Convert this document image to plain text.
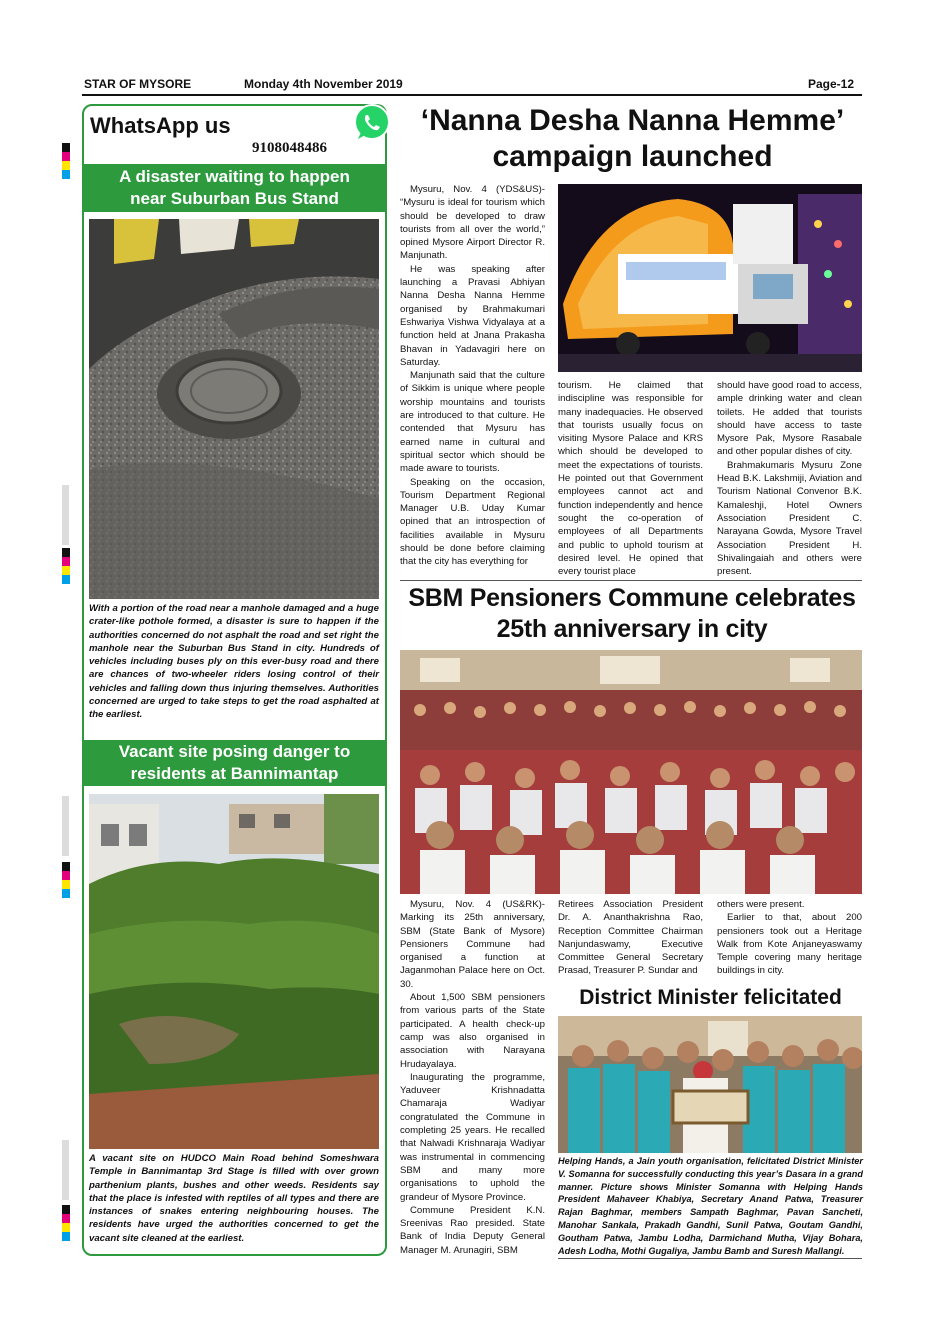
STAR OF MYSORE	Monday 4th November 2019	Page-12
WhatsApp us
9108048486
A disaster waiting to happen
near Suburban Bus Stand
With a portion of the road near a manhole damaged and a huge crater-like pothole formed, a disaster is sure to happen if the authorities concerned do not asphalt the road and set right the manhole near the Suburban Bus Stand in city. Hundreds of vehicles including buses ply on this ever-busy road and there are chances of two-wheeler riders losing control of their vehicles and falling down thus injuring themselves. Authorities concerned are urged to take steps to get the road asphalted at the earliest.
Vacant site posing danger to
residents at Bannimantap
A vacant site on HUDCO Main Road behind Someshwara Temple in Bannimantap 3rd Stage is filled with over grown parthenium plants, bushes and other weeds. Residents say that the place is infested with reptiles of all types and there are instances of snakes entering neighbouring houses. The residents have urged the authorities concerned to get the vacant site cleaned at the earliest.
‘Nanna Desha Nanna Hemme’
campaign launched

Mysuru, Nov. 4 (YDS&US)- “Mysuru is ideal for tourism which should be developed to draw tourists from all over the world,” opined Mysore Airport Director R. Manjunath.

He was speaking after launching a Pravasi Abhiyan Nanna Desha Nanna Hemme organised by Brahmakumari Eshwariya Vishwa Vidyalaya at a function held at Jnana Prakasha Bhavan in Yadavagiri here on Saturday.

Manjunath said that the culture of Sikkim is unique where people worship mountains and tourists are introduced to that culture. He contended that Mysuru has earned name in cultural and spiritual sector which should be made aware to tourists.

Speaking on the occasion, Tourism Department Regional Manager U.B. Uday Kumar opined that an introspection of facilities available in Mysuru should be done before claiming that the city has everything for

tourism. He claimed that indiscipline was responsible for many inadequacies. He observed that tourists usually focus on visiting Mysore Palace and KRS which should be developed to meet the expectations of tourists. He pointed out that Government employees cannot act and function independently and hence sought the co-operation of employees of all Departments and public to uphold tourism at desired level. He opined that every tourist place

should have good road to access, ample drinking water and clean toilets. He added that tourists should have access to taste Mysore Pak, Mysore Rasabale and other popular dishes of city.

Brahmakumaris Mysuru Zone Head B.K. Lakshmiji, Aviation and Tourism National Convenor B.K. Kamaleshji, Hotel Owners Association President C. Narayana Gowda, Mysore Travel Association President H. Shivalingaiah and others were present.

SBM Pensioners Commune celebrates
25th anniversary in city

Mysuru, Nov. 4 (US&RK)- Marking its 25th anniversary, SBM (State Bank of Mysore) Pensioners Commune had organised a function at Jaganmohan Palace here on Oct. 30.

About 1,500 SBM pensioners from various parts of the State participated. A health check-up camp was also organised in association with Narayana Hrudayalaya.

Inaugurating the programme, Yaduveer Krishnadatta Chamaraja Wadiyar congratulated the Commune in completing 25 years. He recalled that Nalwadi Krishnaraja Wadiyar was instrumental in commencing SBM and many more organisations to uphold the grandeur of Mysore Province.

Commune President K.N. Sreenivas Rao presided. State Bank of India Deputy General Manager M. Arunagiri, SBM

Retirees Association President Dr. A. Ananthakrishna Rao, Reception Committee Chairman Nanjundaswamy, Executive Committee General Secretary Prasad, Treasurer P. Sundar and

others were present.

Earlier to that, about 200 pensioners took out a Heritage Walk from Kote Anjaneyaswamy Temple covering many heritage buildings in city.

District Minister felicitated
Helping Hands, a Jain youth organisation, felicitated District Minister V. Somanna for successfully conducting this year’s Dasara in a grand manner. Picture shows Minister Somanna with Helping Hands President Mahaveer Khabiya, Secretary Anand Patwa, Treasurer Rajan Baghmar, members Sampath Baghmar, Pavan Sancheti, Manohar Sankala, Prakadh Gandhi, Sunil Patwa, Goutam Gandhi, Goutham Patwa, Jambu Lodha, Darmichand Mutha, Vijay Bohara, Adesh Lodha, Mothi Gugaliya, Jambu Bamb and Suresh Mallangi.
